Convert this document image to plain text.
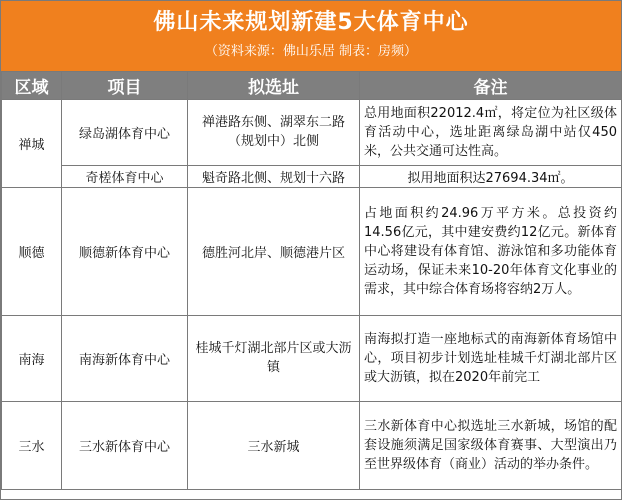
佛山未来规划新建5大体育中心
（资料来源：佛山乐居 制表：房频）
区域	项目	拟选址	备注
禅城	绿岛湖体育中心	禅港路东侧、湖翠东二路（规划中）北侧	总用地面积22012.4㎡，将定位为社区级体育活动中心，选址距离绿岛湖中站仅450米，公共交通可达性高。
	奇槎体育中心	魁奇路北侧、规划十六路	拟用地面积达27694.34㎡。
顺德	顺德新体育中心	德胜河北岸、顺德港片区	占地面积约24.96万平方米。总投资约14.56亿元，其中建安费约12亿元。新体育中心将建设有体育馆、游泳馆和多功能体育运动场，保证未来10-20年体育文化事业的需求，其中综合体育场将容纳2万人。
南海	南海新体育中心	桂城千灯湖北部片区或大沥镇	南海拟打造一座地标式的南海新体育场馆中心，项目初步计划选址桂城千灯湖北部片区或大沥镇，拟在2020年前完工
三水	三水新体育中心	三水新城	三水新体育中心拟选址三水新城，场馆的配套设施须满足国家级体育赛事、大型演出乃至世界级体育（商业）活动的举办条件。
